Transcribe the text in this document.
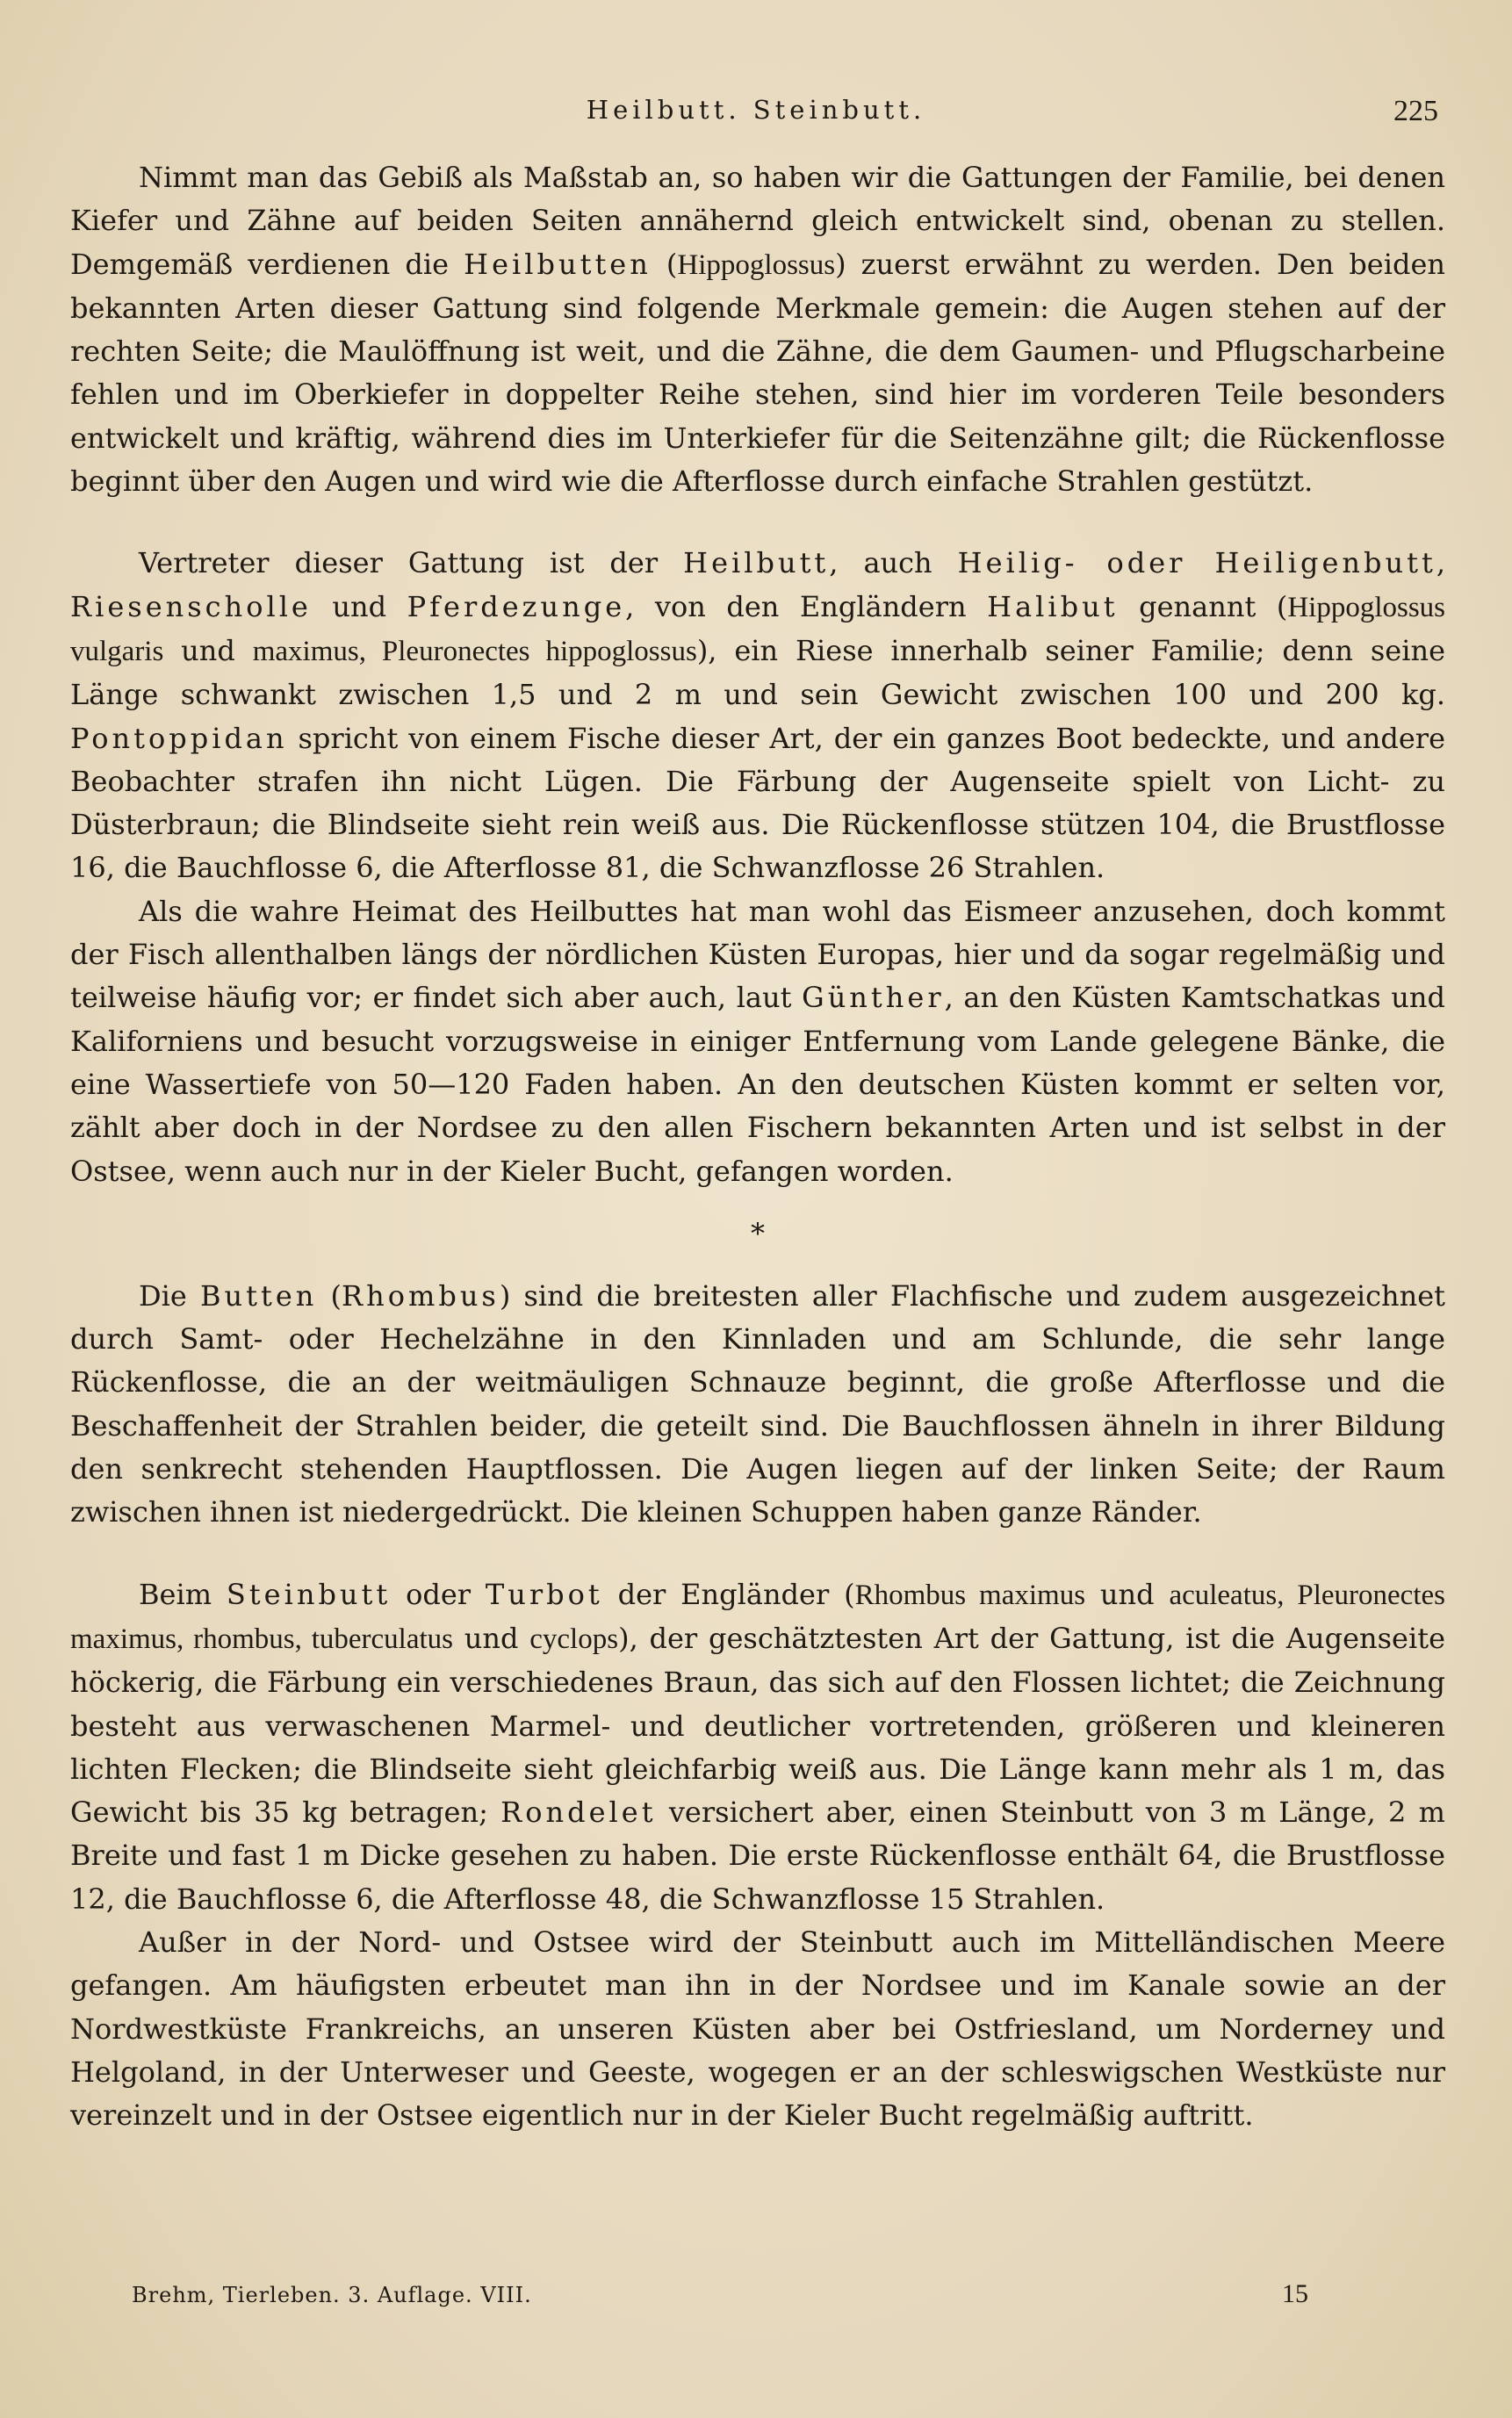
Heilbutt. Steinbutt.	225

Nimmt man das Gebiß als Maßstab an, so haben wir die Gattungen der Familie, bei denen Kiefer und Zähne auf beiden Seiten annähernd gleich entwickelt sind, obenan zu stellen. Demgemäß verdienen die Heilbutten (Hippoglossus) zuerst erwähnt zu werden. Den beiden bekannten Arten dieser Gattung sind folgende Merkmale gemein: die Augen stehen auf der rechten Seite; die Maulöffnung ist weit, und die Zähne, die dem Gaumen- und Pflugscharbeine fehlen und im Oberkiefer in doppelter Reihe stehen, sind hier im vorderen Teile besonders entwickelt und kräftig, während dies im Unterkiefer für die Seitenzähne gilt; die Rückenflosse beginnt über den Augen und wird wie die Afterflosse durch einfache Strahlen gestützt.

Vertreter dieser Gattung ist der Heilbutt, auch Heilig- oder Heiligenbutt, Riesenscholle und Pferdezunge, von den Engländern Halibut genannt (Hippoglossus vulgaris und maximus, Pleuronectes hippoglossus), ein Riese innerhalb seiner Familie; denn seine Länge schwankt zwischen 1,5 und 2 m und sein Gewicht zwischen 100 und 200 kg. Pontoppidan spricht von einem Fische dieser Art, der ein ganzes Boot bedeckte, und andere Beobachter strafen ihn nicht Lügen. Die Färbung der Augenseite spielt von Licht- zu Düsterbraun; die Blindseite sieht rein weiß aus. Die Rückenflosse stützen 104, die Brustflosse 16, die Bauchflosse 6, die Afterflosse 81, die Schwanzflosse 26 Strahlen.

Als die wahre Heimat des Heilbuttes hat man wohl das Eismeer anzusehen, doch kommt der Fisch allenthalben längs der nördlichen Küsten Europas, hier und da sogar regelmäßig und teilweise häufig vor; er findet sich aber auch, laut Günther, an den Küsten Kamtschatkas und Kaliforniens und besucht vorzugsweise in einiger Entfernung vom Lande gelegene Bänke, die eine Wassertiefe von 50—120 Faden haben. An den deutschen Küsten kommt er selten vor, zählt aber doch in der Nordsee zu den allen Fischern bekannten Arten und ist selbst in der Ostsee, wenn auch nur in der Kieler Bucht, gefangen worden.

*

Die Butten (Rhombus) sind die breitesten aller Flachfische und zudem ausgezeichnet durch Samt- oder Hechelzähne in den Kinnladen und am Schlunde, die sehr lange Rückenflosse, die an der weitmäuligen Schnauze beginnt, die große Afterflosse und die Beschaffenheit der Strahlen beider, die geteilt sind. Die Bauchflossen ähneln in ihrer Bildung den senkrecht stehenden Hauptflossen. Die Augen liegen auf der linken Seite; der Raum zwischen ihnen ist niedergedrückt. Die kleinen Schuppen haben ganze Ränder.

Beim Steinbutt oder Turbot der Engländer (Rhombus maximus und aculeatus, Pleuronectes maximus, rhombus, tuberculatus und cyclops), der geschätztesten Art der Gattung, ist die Augenseite höckerig, die Färbung ein verschiedenes Braun, das sich auf den Flossen lichtet; die Zeichnung besteht aus verwaschenen Marmel- und deutlicher vortretenden, größeren und kleineren lichten Flecken; die Blindseite sieht gleichfarbig weiß aus. Die Länge kann mehr als 1 m, das Gewicht bis 35 kg betragen; Rondelet versichert aber, einen Steinbutt von 3 m Länge, 2 m Breite und fast 1 m Dicke gesehen zu haben. Die erste Rückenflosse enthält 64, die Brustflosse 12, die Bauchflosse 6, die Afterflosse 48, die Schwanzflosse 15 Strahlen.

Außer in der Nord- und Ostsee wird der Steinbutt auch im Mittelländischen Meere gefangen. Am häufigsten erbeutet man ihn in der Nordsee und im Kanale sowie an der Nordwestküste Frankreichs, an unseren Küsten aber bei Ostfriesland, um Norderney und Helgoland, in der Unterweser und Geeste, wogegen er an der schleswigschen Westküste nur vereinzelt und in der Ostsee eigentlich nur in der Kieler Bucht regelmäßig auftritt.

Brehm, Tierleben. 3. Auflage. VIII.	15
